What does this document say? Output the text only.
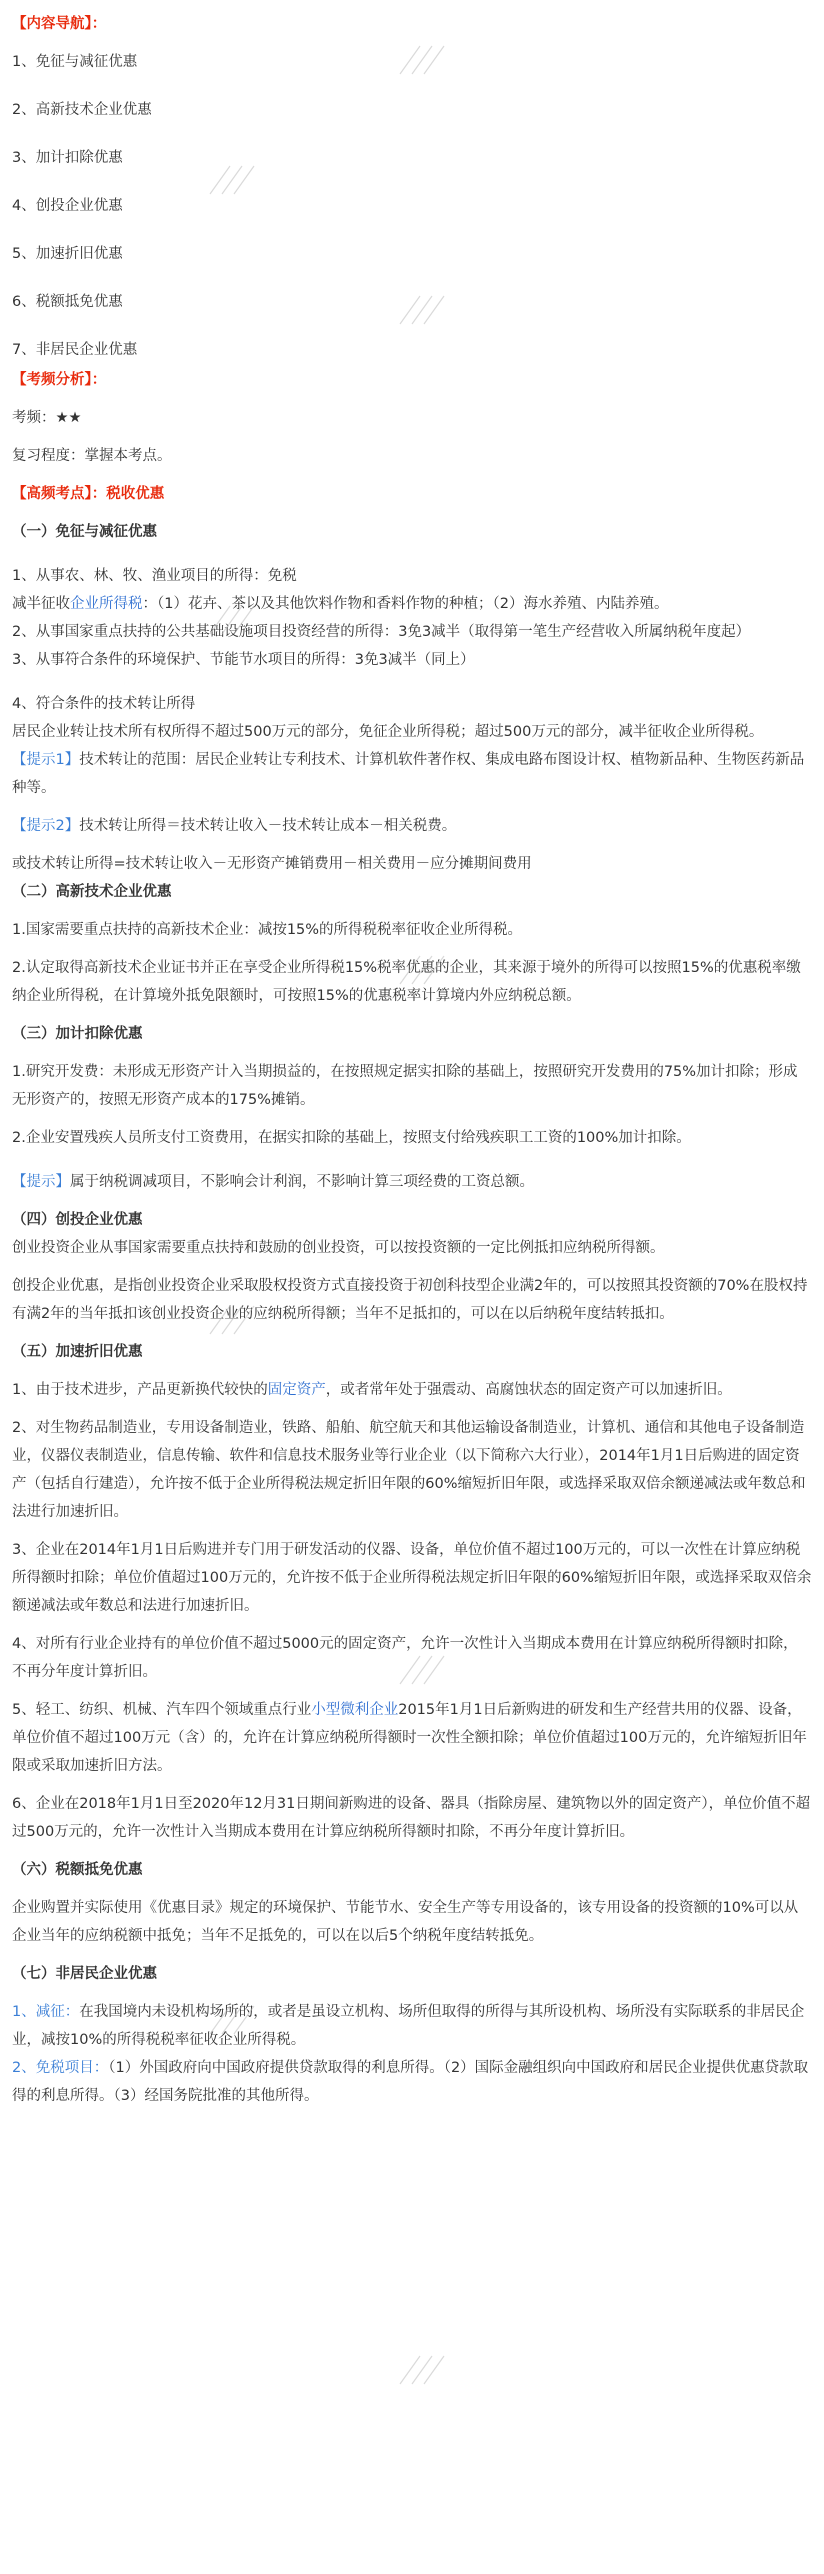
【内容导航】：

1、免征与减征优惠

2、高新技术企业优惠

3、加计扣除优惠

4、创投企业优惠

5、加速折旧优惠

6、税额抵免优惠

7、非居民企业优惠

【考频分析】：

考频：★★

复习程度：掌握本考点。

【高频考点】：税收优惠

（一）免征与减征优惠

1、从事农、林、牧、渔业项目的所得：免税

减半征收企业所得税：（1）花卉、茶以及其他饮料作物和香料作物的种植；（2）海水养殖、内陆养殖。

2、从事国家重点扶持的公共基础设施项目投资经营的所得：3免3减半（取得第一笔生产经营收入所属纳税年度起）

3、从事符合条件的环境保护、节能节水项目的所得：3免3减半（同上）

4、符合条件的技术转让所得

居民企业转让技术所有权所得不超过500万元的部分，免征企业所得税；超过500万元的部分，减半征收企业所得税。

【提示1】技术转让的范围：居民企业转让专利技术、计算机软件著作权、集成电路布图设计权、植物新品种、生物医药新品种等。

【提示2】技术转让所得＝技术转让收入－技术转让成本－相关税费。

或技术转让所得=技术转让收入－无形资产摊销费用－相关费用－应分摊期间费用

（二）高新技术企业优惠

1.国家需要重点扶持的高新技术企业：减按15%的所得税税率征收企业所得税。

2.认定取得高新技术企业证书并正在享受企业所得税15%税率优惠的企业，其来源于境外的所得可以按照15%的优惠税率缴纳企业所得税，在计算境外抵免限额时，可按照15%的优惠税率计算境内外应纳税总额。

（三）加计扣除优惠

1.研究开发费：未形成无形资产计入当期损益的，在按照规定据实扣除的基础上，按照研究开发费用的75%加计扣除；形成无形资产的，按照无形资产成本的175%摊销。

2.企业安置残疾人员所支付工资费用，在据实扣除的基础上，按照支付给残疾职工工资的100%加计扣除。

【提示】属于纳税调减项目，不影响会计利润，不影响计算三项经费的工资总额。

（四）创投企业优惠

创业投资企业从事国家需要重点扶持和鼓励的创业投资，可以按投资额的一定比例抵扣应纳税所得额。

创投企业优惠，是指创业投资企业采取股权投资方式直接投资于初创科技型企业满2年的，可以按照其投资额的70%在股权持有满2年的当年抵扣该创业投资企业的应纳税所得额；当年不足抵扣的，可以在以后纳税年度结转抵扣。

（五）加速折旧优惠

1、由于技术进步，产品更新换代较快的固定资产，或者常年处于强震动、高腐蚀状态的固定资产可以加速折旧。

2、对生物药品制造业，专用设备制造业，铁路、船舶、航空航天和其他运输设备制造业，计算机、通信和其他电子设备制造业，仪器仪表制造业，信息传输、软件和信息技术服务业等行业企业（以下简称六大行业），2014年1月1日后购进的固定资产（包括自行建造），允许按不低于企业所得税法规定折旧年限的60%缩短折旧年限，或选择采取双倍余额递减法或年数总和法进行加速折旧。

3、企业在2014年1月1日后购进并专门用于研发活动的仪器、设备，单位价值不超过100万元的，可以一次性在计算应纳税所得额时扣除；单位价值超过100万元的，允许按不低于企业所得税法规定折旧年限的60%缩短折旧年限，或选择采取双倍余额递减法或年数总和法进行加速折旧。

4、对所有行业企业持有的单位价值不超过5000元的固定资产，允许一次性计入当期成本费用在计算应纳税所得额时扣除，不再分年度计算折旧。

5、轻工、纺织、机械、汽车四个领域重点行业小型微利企业2015年1月1日后新购进的研发和生产经营共用的仪器、设备，单位价值不超过100万元（含）的，允许在计算应纳税所得额时一次性全额扣除；单位价值超过100万元的，允许缩短折旧年限或采取加速折旧方法。

6、企业在2018年1月1日至2020年12月31日期间新购进的设备、器具（指除房屋、建筑物以外的固定资产），单位价值不超过500万元的，允许一次性计入当期成本费用在计算应纳税所得额时扣除，不再分年度计算折旧。

（六）税额抵免优惠

企业购置并实际使用《优惠目录》规定的环境保护、节能节水、安全生产等专用设备的，该专用设备的投资额的10%可以从企业当年的应纳税额中抵免；当年不足抵免的，可以在以后5个纳税年度结转抵免。

（七）非居民企业优惠

1、减征：在我国境内未设机构场所的，或者是虽设立机构、场所但取得的所得与其所设机构、场所没有实际联系的非居民企业，减按10%的所得税税率征收企业所得税。

2、免税项目：（1）外国政府向中国政府提供贷款取得的利息所得。（2）国际金融组织向中国政府和居民企业提供优惠贷款取得的利息所得。（3）经国务院批准的其他所得。
